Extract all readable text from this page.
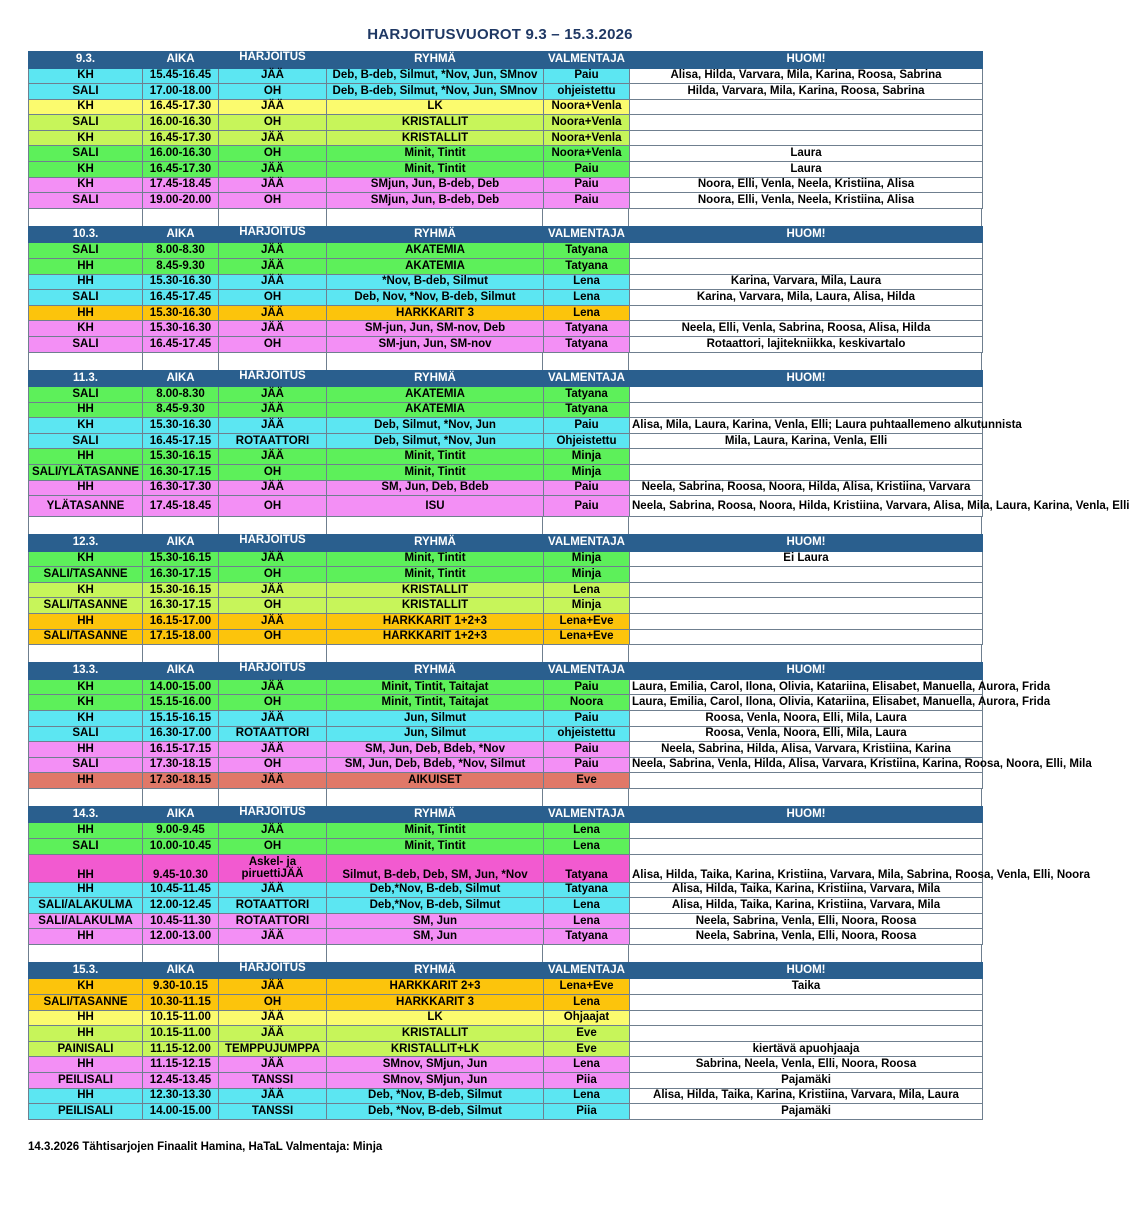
HARJOITUSVUOROT 9.3 – 15.3.2026
9.3.	AIKA	HARJOITUS	RYHMÄ	VALMENTAJA	HUOM!
KH	15.45-16.45	JÄÄ	Deb, B-deb, Silmut, *Nov, Jun, SMnov	Paiu	Alisa, Hilda, Varvara, Mila, Karina, Roosa, Sabrina
SALI	17.00-18.00	OH	Deb, B-deb, Silmut, *Nov, Jun, SMnov	ohjeistettu	Hilda, Varvara, Mila, Karina, Roosa, Sabrina
KH	16.45-17.30	JÄÄ	LK	Noora+Venla	
SALI	16.00-16.30	OH	KRISTALLIT	Noora+Venla	
KH	16.45-17.30	JÄÄ	KRISTALLIT	Noora+Venla	
SALI	16.00-16.30	OH	Minit, Tintit	Noora+Venla	Laura
KH	16.45-17.30	JÄÄ	Minit, Tintit	Paiu	Laura
KH	17.45-18.45	JÄÄ	SMjun, Jun, B-deb, Deb	Paiu	Noora, Elli, Venla, Neela, Kristiina, Alisa
SALI	19.00-20.00	OH	SMjun, Jun, B-deb, Deb	Paiu	Noora, Elli, Venla, Neela, Kristiina, Alisa
10.3.	AIKA	HARJOITUS	RYHMÄ	VALMENTAJA	HUOM!
SALI	8.00-8.30	JÄÄ	AKATEMIA	Tatyana	
HH	8.45-9.30	JÄÄ	AKATEMIA	Tatyana	
HH	15.30-16.30	JÄÄ	*Nov, B-deb, Silmut	Lena	Karina, Varvara, Mila, Laura
SALI	16.45-17.45	OH	Deb, Nov, *Nov, B-deb, Silmut	Lena	Karina, Varvara, Mila, Laura, Alisa, Hilda
HH	15.30-16.30	JÄÄ	HARKKARIT 3	Lena	
KH	15.30-16.30	JÄÄ	SM-jun, Jun, SM-nov, Deb	Tatyana	Neela, Elli, Venla, Sabrina, Roosa, Alisa, Hilda
SALI	16.45-17.45	OH	SM-jun, Jun, SM-nov	Tatyana	Rotaattori, lajitekniikka, keskivartalo
11.3.	AIKA	HARJOITUS	RYHMÄ	VALMENTAJA	HUOM!
SALI	8.00-8.30	JÄÄ	AKATEMIA	Tatyana	
HH	8.45-9.30	JÄÄ	AKATEMIA	Tatyana	
KH	15.30-16.30	JÄÄ	Deb, Silmut, *Nov, Jun	Paiu	Alisa, Mila, Laura, Karina, Venla, Elli; Laura puhtaallemeno alkutunnista
SALI	16.45-17.15	ROTAATTORI	Deb, Silmut, *Nov, Jun	Ohjeistettu	Mila, Laura, Karina, Venla, Elli
HH	15.30-16.15	JÄÄ	Minit, Tintit	Minja	
SALI/YLÄTASANNE	16.30-17.15	OH	Minit, Tintit	Minja	
HH	16.30-17.30	JÄÄ	SM, Jun, Deb, Bdeb	Paiu	Neela, Sabrina, Roosa, Noora, Hilda, Alisa, Kristiina, Varvara
YLÄTASANNE	17.45-18.45	OH	ISU	Paiu	Neela, Sabrina, Roosa, Noora, Hilda, Kristiina, Varvara, Alisa, Mila, Laura, Karina, Venla, Elli
12.3.	AIKA	HARJOITUS	RYHMÄ	VALMENTAJA	HUOM!
KH	15.30-16.15	JÄÄ	Minit, Tintit	Minja	Ei Laura
SALI/TASANNE	16.30-17.15	OH	Minit, Tintit	Minja	
KH	15.30-16.15	JÄÄ	KRISTALLIT	Lena	
SALI/TASANNE	16.30-17.15	OH	KRISTALLIT	Minja	
HH	16.15-17.00	JÄÄ	HARKKARIT 1+2+3	Lena+Eve	
SALI/TASANNE	17.15-18.00	OH	HARKKARIT 1+2+3	Lena+Eve	
13.3.	AIKA	HARJOITUS	RYHMÄ	VALMENTAJA	HUOM!
KH	14.00-15.00	JÄÄ	Minit, Tintit, Taitajat	Paiu	Laura, Emilia, Carol, Ilona, Olivia, Katariina, Elisabet, Manuella, Aurora, Frida
KH	15.15-16.00	OH	Minit, Tintit, Taitajat	Noora	Laura, Emilia, Carol, Ilona, Olivia, Katariina, Elisabet, Manuella, Aurora, Frida
KH	15.15-16.15	JÄÄ	Jun, Silmut	Paiu	Roosa, Venla, Noora, Elli, Mila, Laura
SALI	16.30-17.00	ROTAATTORI	Jun, Silmut	ohjeistettu	Roosa, Venla, Noora, Elli, Mila, Laura
HH	16.15-17.15	JÄÄ	SM, Jun, Deb, Bdeb, *Nov	Paiu	Neela, Sabrina, Hilda, Alisa, Varvara, Kristiina, Karina
SALI	17.30-18.15	OH	SM, Jun, Deb, Bdeb, *Nov, Silmut	Paiu	Neela, Sabrina, Venla, Hilda, Alisa, Varvara, Kristiina, Karina, Roosa, Noora, Elli, Mila
HH	17.30-18.15	JÄÄ	AIKUISET	Eve	
14.3.	AIKA	HARJOITUS	RYHMÄ	VALMENTAJA	HUOM!
HH	9.00-9.45	JÄÄ	Minit, Tintit	Lena	
SALI	10.00-10.45	OH	Minit, Tintit	Lena	
HH	9.45-10.30	Askel- ja piruettiJÄÄ	Silmut, B-deb, Deb, SM, Jun, *Nov	Tatyana	Alisa, Hilda, Taika, Karina, Kristiina, Varvara, Mila, Sabrina, Roosa, Venla, Elli, Noora
HH	10.45-11.45	JÄÄ	Deb,*Nov, B-deb, Silmut	Tatyana	Alisa, Hilda, Taika, Karina, Kristiina, Varvara, Mila
SALI/ALAKULMA	12.00-12.45	ROTAATTORI	Deb,*Nov, B-deb, Silmut	Lena	Alisa, Hilda, Taika, Karina, Kristiina, Varvara, Mila
SALI/ALAKULMA	10.45-11.30	ROTAATTORI	SM, Jun	Lena	Neela, Sabrina, Venla, Elli, Noora, Roosa
HH	12.00-13.00	JÄÄ	SM, Jun	Tatyana	Neela, Sabrina, Venla, Elli, Noora, Roosa
15.3.	AIKA	HARJOITUS	RYHMÄ	VALMENTAJA	HUOM!
KH	9.30-10.15	JÄÄ	HARKKARIT 2+3	Lena+Eve	Taika
SALI/TASANNE	10.30-11.15	OH	HARKKARIT 3	Lena	
HH	10.15-11.00	JÄÄ	LK	Ohjaajat	
HH	10.15-11.00	JÄÄ	KRISTALLIT	Eve	
PAINISALI	11.15-12.00	TEMPPUJUMPPA	KRISTALLIT+LK	Eve	kiertävä apuohjaaja
HH	11.15-12.15	JÄÄ	SMnov, SMjun, Jun	Lena	Sabrina, Neela, Venla, Elli, Noora, Roosa
PEILISALI	12.45-13.45	TANSSI	SMnov, SMjun, Jun	Piia	Pajamäki
HH	12.30-13.30	JÄÄ	Deb, *Nov, B-deb, Silmut	Lena	Alisa, Hilda, Taika, Karina, Kristiina, Varvara, Mila, Laura
PEILISALI	14.00-15.00	TANSSI	Deb, *Nov, B-deb, Silmut	Piia	Pajamäki
14.3.2026 Tähtisarjojen Finaalit Hamina, HaTaL Valmentaja: Minja
